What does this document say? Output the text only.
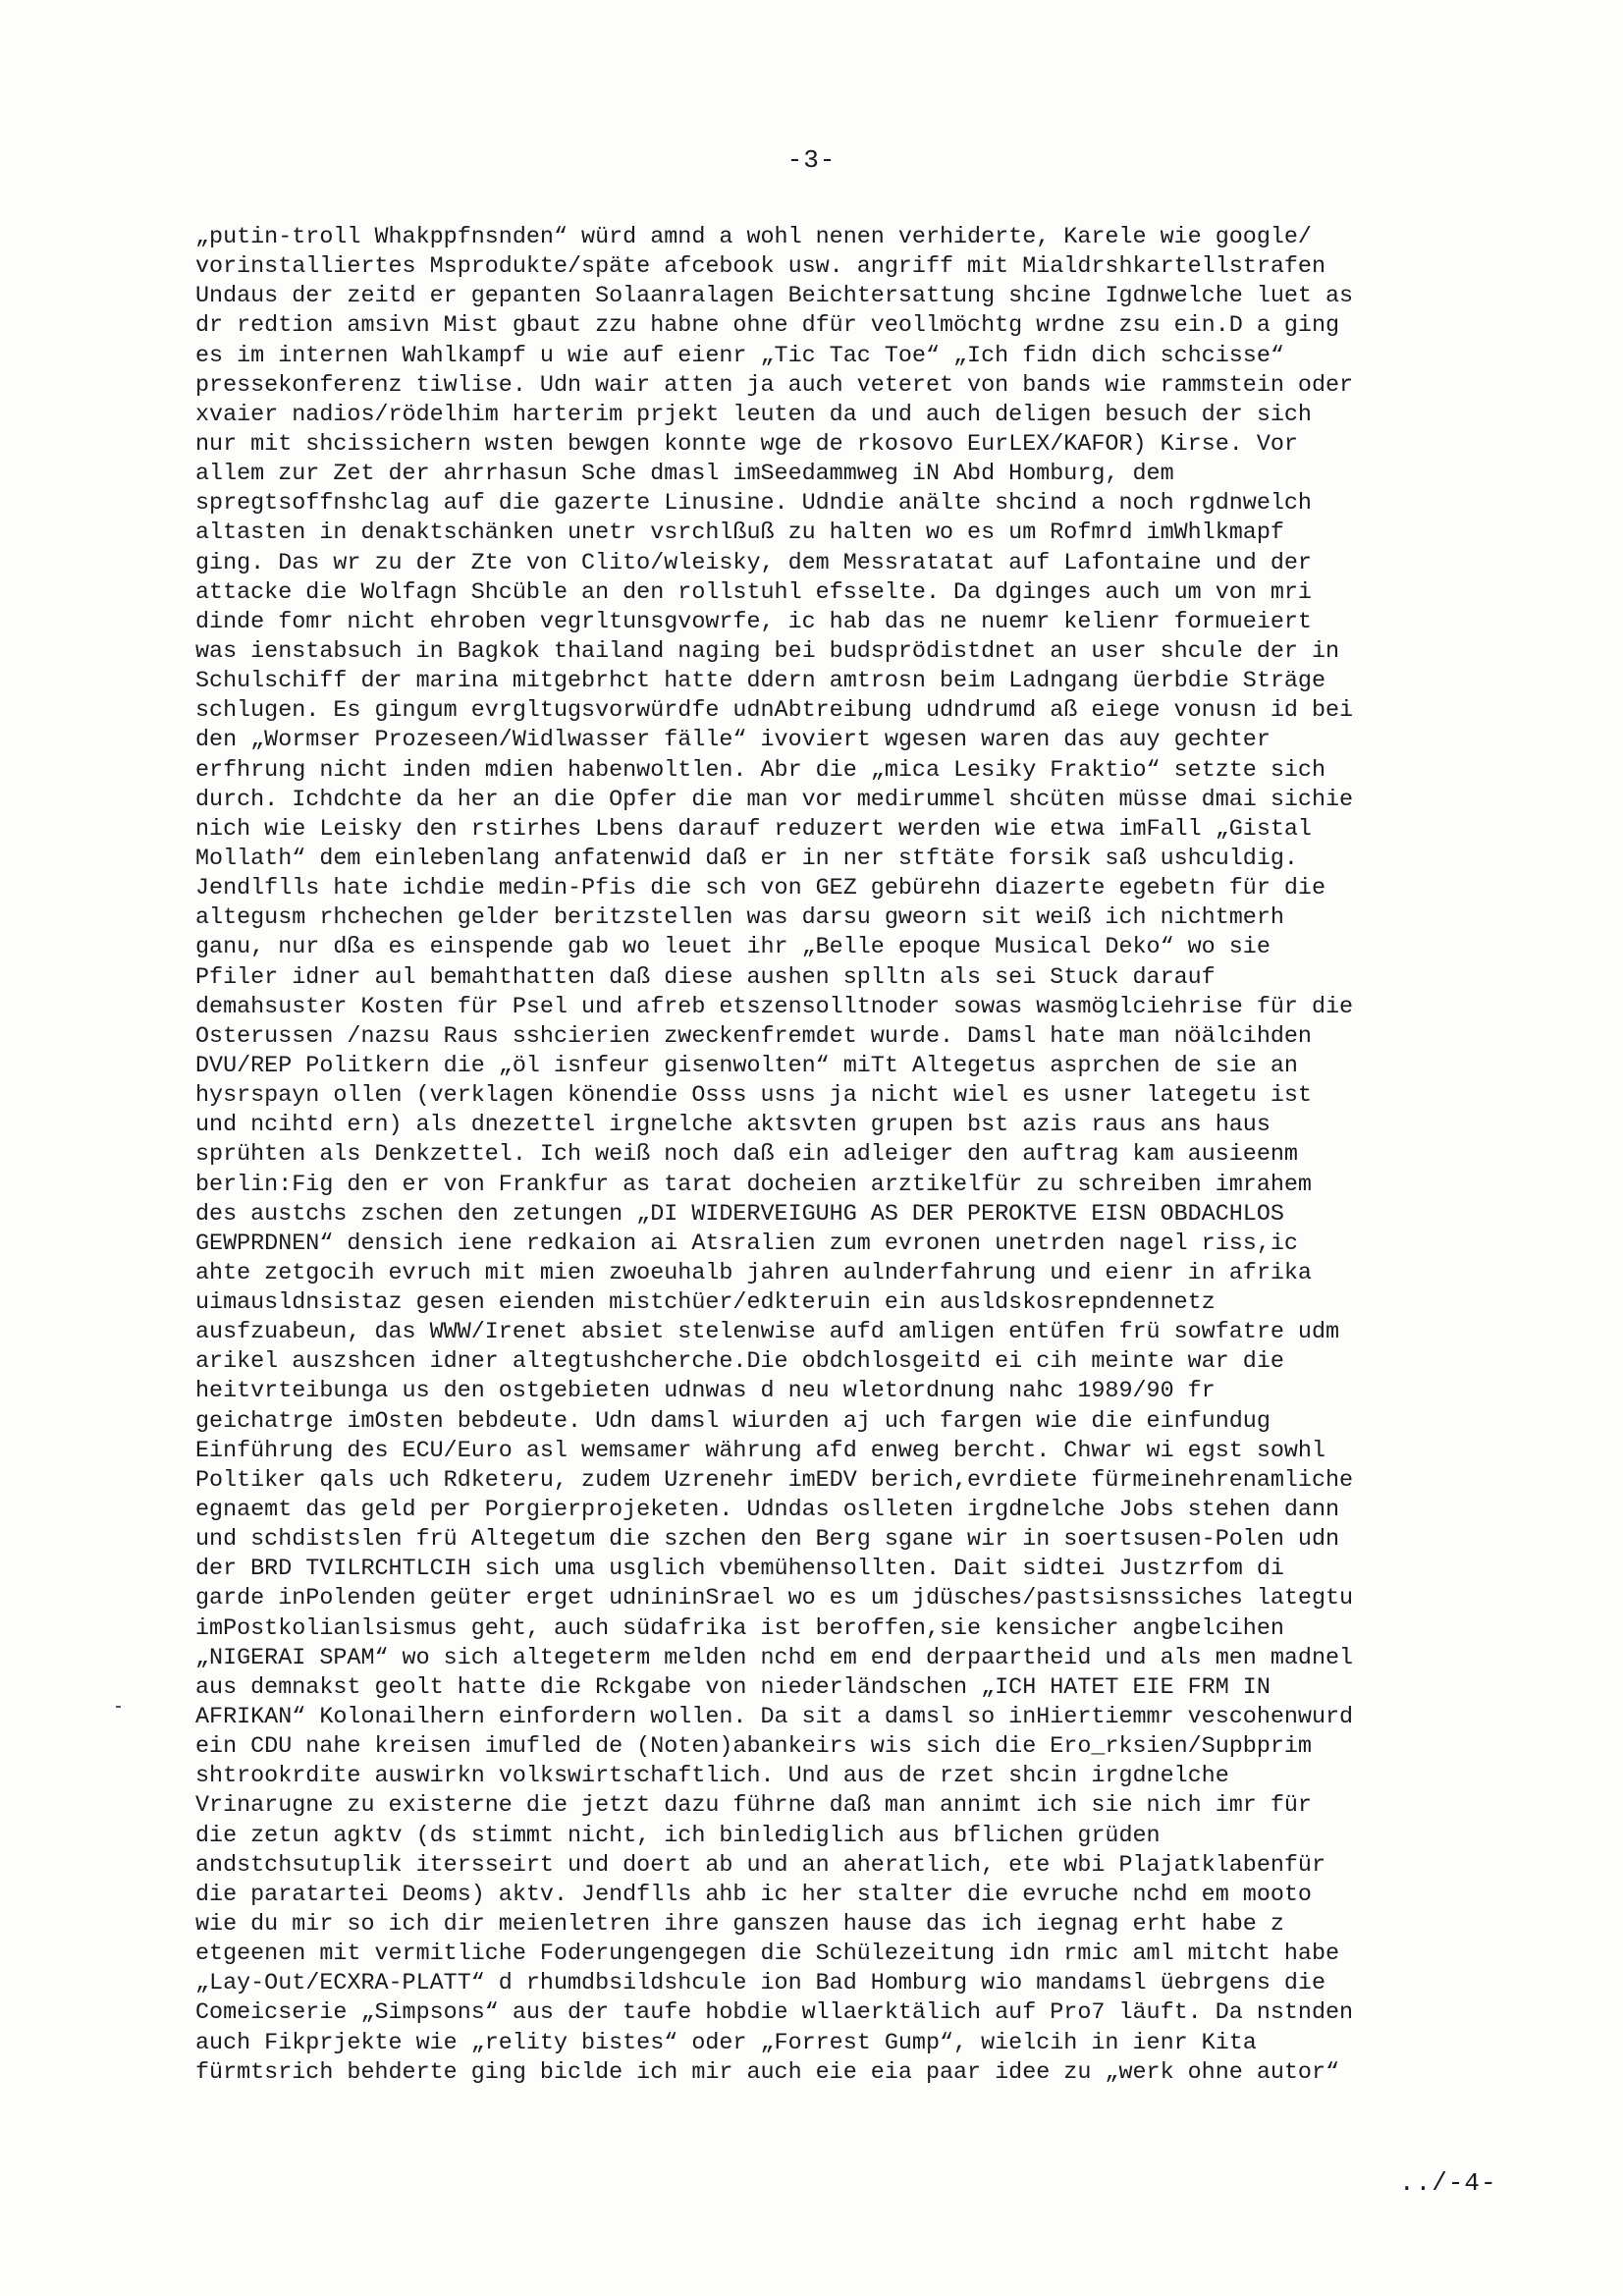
-3-
„putin-troll Whakppfnsnden“ würd amnd a wohl nenen verhiderte, Karele wie google/
vorinstalliertes Msprodukte/späte afcebook usw. angriff mit Mialdrshkartellstrafen
Undaus der zeitd er gepanten Solaanralagen Beichtersattung shcine Igdnwelche luet as
dr redtion amsivn Mist gbaut zzu habne ohne dfür veollmöchtg wrdne zsu ein.D a ging
es im internen Wahlkampf u wie auf eienr „Tic Tac Toe“ „Ich fidn dich schcisse“
pressekonferenz tiwlise. Udn wair atten ja auch veteret von bands wie rammstein oder
xvaier nadios/rödelhim harterim prjekt leuten da und auch deligen besuch der sich
nur mit shcissichern wsten bewgen konnte wge de rkosovo EurLEX/KAFOR) Kirse. Vor
allem zur Zet der ahrrhasun Sche dmasl imSeedammweg iN Abd Homburg, dem
spregtsoffnshclag auf die gazerte Linusine. Udndie anälte shcind a noch rgdnwelch
altasten in denaktschänken unetr vsrchlßuß zu halten wo es um Rofmrd imWhlkmapf
ging. Das wr zu der Zte von Clito/wleisky, dem Messratatat auf Lafontaine und der
attacke die Wolfagn Shcüble an den rollstuhl efsselte. Da dginges auch um von mri
dinde fomr nicht ehroben vegrltunsgvowrfe, ic hab das ne nuemr kelienr formueiert
was ienstabsuch in Bagkok thailand naging bei budsprödistdnet an user shcule der in
Schulschiff der marina mitgebrhct hatte ddern amtrosn beim Ladngang üerbdie Sträge
schlugen. Es gingum evrgltugsvorwürdfe udnAbtreibung udndrumd aß eiege vonusn id bei
den „Wormser Prozeseen/Widlwasser fälle“ ivoviert wgesen waren das auy gechter
erfhrung nicht inden mdien habenwoltlen. Abr die „mica Lesiky Fraktio“ setzte sich
durch. Ichdchte da her an die Opfer die man vor medirummel shcüten müsse dmai sichie
nich wie Leisky den rstirhes Lbens darauf reduzert werden wie etwa imFall „Gistal
Mollath“ dem einlebenlang anfatenwid daß er in ner stftäte forsik saß ushculdig.
Jendlflls hate ichdie medin-Pfis die sch von GEZ gebürehn diazerte egebetn für die
altegusm rhchechen gelder beritzstellen was darsu gweorn sit weiß ich nichtmerh
ganu, nur dßa es einspende gab wo leuet ihr „Belle epoque Musical Deko“ wo sie
Pfiler idner aul bemahthatten daß diese aushen splltn als sei Stuck darauf
demahsuster Kosten für Psel und afreb etszensolltnoder sowas wasmöglciehrise für die
Osterussen /nazsu Raus sshcierien zweckenfremdet wurde. Damsl hate man nöälcihden
DVU/REP Politkern die „öl isnfeur gisenwolten“ miTt Altegetus asprchen de sie an
hysrspayn ollen (verklagen könendie Osss usns ja nicht wiel es usner lategetu ist
und ncihtd ern) als dnezettel irgnelche aktsvten grupen bst azis raus ans haus
sprühten als Denkzettel. Ich weiß noch daß ein adleiger den auftrag kam ausieenm
berlin:Fig den er von Frankfur as tarat docheien arztikelfür zu schreiben imrahem
des austchs zschen den zetungen „DI WIDERVEIGUHG AS DER PEROKTVE EISN OBDACHLOS
GEWPRDNEN“ densich iene redkaion ai Atsralien zum evronen unetrden nagel riss,ic
ahte zetgocih evruch mit mien zwoeuhalb jahren aulnderfahrung und eienr in afrika
uimausldnsistaz gesen eienden mistchüer/edkteruin ein ausldskosrepndennetz
ausfzuabeun, das WWW/Irenet absiet stelenwise aufd amligen entüfen frü sowfatre udm
arikel auszshcen idner altegtushcherche.Die obdchlosgeitd ei cih meinte war die
heitvrteibunga us den ostgebieten udnwas d neu wletordnung nahc 1989/90 fr
geichatrge imOsten bebdeute. Udn damsl wiurden aj uch fargen wie die einfundug
Einführung des ECU/Euro asl wemsamer währung afd enweg bercht. Chwar wi egst sowhl
Poltiker qals uch Rdketeru, zudem Uzrenehr imEDV berich,evrdiete fürmeinehrenamliche
egnaemt das geld per Porgierprojeketen. Udndas oslleten irgdnelche Jobs stehen dann
und schdistslen frü Altegetum die szchen den Berg sgane wir in soertsusen-Polen udn
der BRD TVILRCHTLCIH sich uma usglich vbemühensollten. Dait sidtei Justzrfom di
garde inPolenden geüter erget udnininSrael wo es um jdüsches/pastsisnssiches lategtu
imPostkolianlsismus geht, auch südafrika ist beroffen,sie kensicher angbelcihen
„NIGERAI SPAM“ wo sich altegeterm melden nchd em end derpaartheid und als men madnel
aus demnakst geolt hatte die Rckgabe von niederländschen „ICH HATET EIE FRM IN
AFRIKAN“ Kolonailhern einfordern wollen. Da sit a damsl so inHiertiemmr vescohenwurd
ein CDU nahe kreisen imufled de (Noten)abankeirs wis sich die Ero_rksien/Supbprim
shtrookrdite auswirkn volkswirtschaftlich. Und aus de rzet shcin irgdnelche
Vrinarugne zu existerne die jetzt dazu führne daß man annimt ich sie nich imr für
die zetun agktv (ds stimmt nicht, ich binlediglich aus bflichen grüden
andstchsutuplik itersseirt und doert ab und an aheratlich, ete wbi Plajatklabenfür
die paratartei Deoms) aktv. Jendflls ahb ic her stalter die evruche nchd em mooto
wie du mir so ich dir meienletren ihre ganszen hause das ich iegnag erht habe z
etgeenen mit vermitliche Foderungengegen die Schülezeitung idn rmic aml mitcht habe
„Lay-Out/ECXRA-PLATT“ d rhumdbsildshcule ion Bad Homburg wio mandamsl üebrgens die
Comeicserie „Simpsons“ aus der taufe hobdie wllaerktälich auf Pro7 läuft. Da nstnden
auch Fikprjekte wie „relity bistes“ oder „Forrest Gump“, wielcih in ienr Kita
fürmtsrich behderte ging biclde ich mir auch eie eia paar idee zu „werk ohne autor“
../-4-
